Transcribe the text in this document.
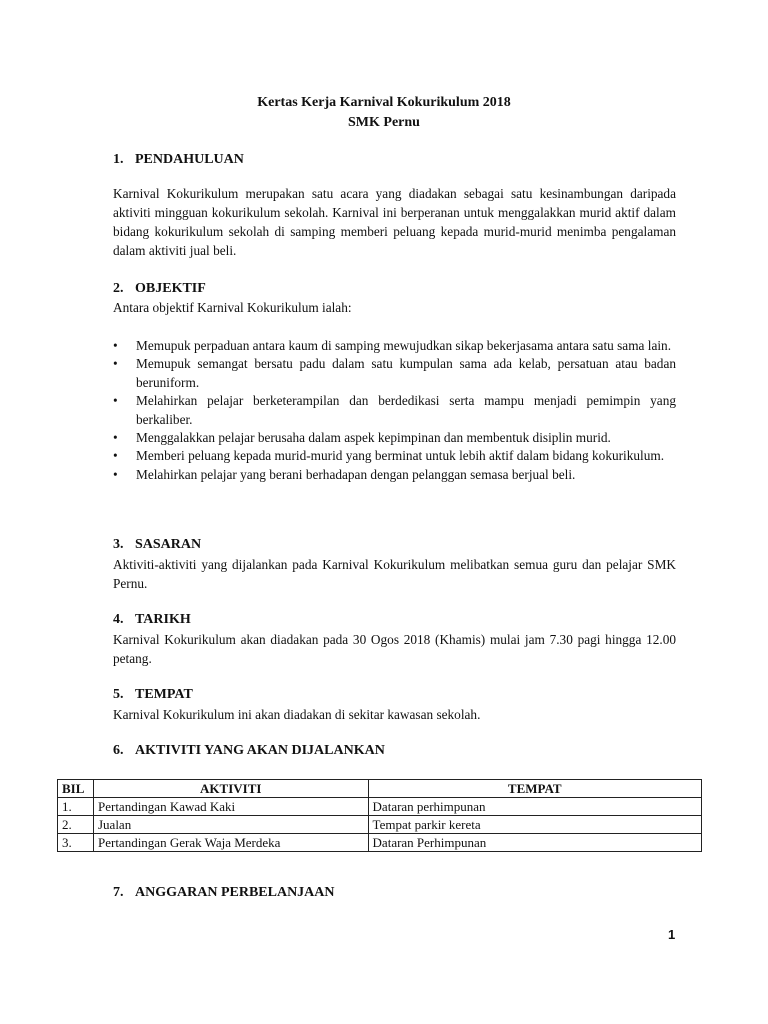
Kertas Kerja Karnival Kokurikulum 2018
SMK Pernu
1. PENDAHULUAN
Karnival Kokurikulum merupakan satu acara yang diadakan sebagai satu kesinambungan daripada aktiviti mingguan kokurikulum sekolah. Karnival ini berperanan untuk menggalakkan murid aktif dalam bidang kokurikulum sekolah di samping memberi peluang kepada murid-murid menimba pengalaman dalam aktiviti jual beli.
2. OBJEKTIF
Antara objektif Karnival Kokurikulum ialah:
• Memupuk perpaduan antara kaum di samping mewujudkan sikap bekerjasama antara satu sama lain.
• Memupuk semangat bersatu padu dalam satu kumpulan sama ada kelab, persatuan atau badan beruniform.
• Melahirkan pelajar berketerampilan dan berdedikasi serta mampu menjadi pemimpin yang berkaliber.
• Menggalakkan pelajar berusaha dalam aspek kepimpinan dan membentuk disiplin murid.
• Memberi peluang kepada murid-murid yang berminat untuk lebih aktif dalam bidang kokurikulum.
• Melahirkan pelajar yang berani berhadapan dengan pelanggan semasa berjual beli.
3. SASARAN
Aktiviti-aktiviti yang dijalankan pada Karnival Kokurikulum melibatkan semua guru dan pelajar SMK Pernu.
4. TARIKH
Karnival Kokurikulum akan diadakan pada 30 Ogos 2018 (Khamis) mulai jam 7.30 pagi hingga 12.00 petang.
5. TEMPAT
Karnival Kokurikulum ini akan diadakan di sekitar kawasan sekolah.
6. AKTIVITI YANG AKAN DIJALANKAN
BIL	AKTIVITI	TEMPAT
1.	Pertandingan Kawad Kaki	Dataran perhimpunan
2.	Jualan	Tempat parkir kereta
3.	Pertandingan Gerak Waja Merdeka	Dataran Perhimpunan
7. ANGGARAN PERBELANJAAN
1
